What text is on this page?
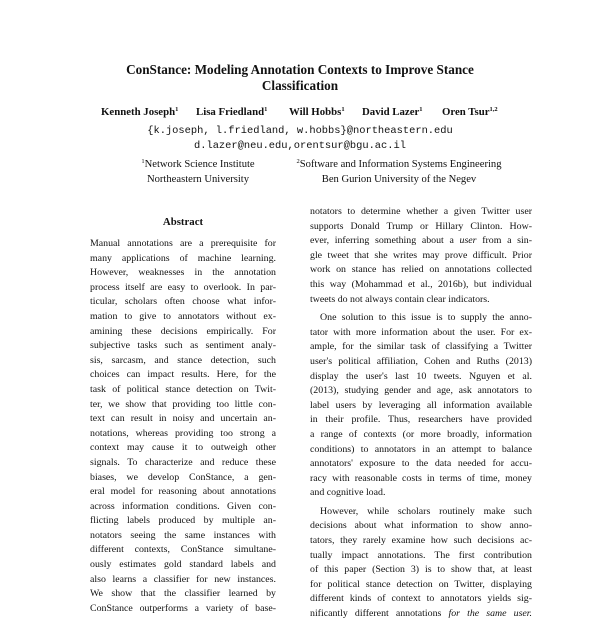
ConStance: Modeling Annotation Contexts to Improve Stance
Classification
Kenneth Joseph$^1$ Lisa Friedland$^1$ Will Hobbs$^1$ David Lazer$^1$ Oren Tsur$^{1,2}$
{k.joseph, l.friedland, w.hobbs}@northeastern.edu
d.lazer@neu.edu,orentsur@bgu.ac.il
$^1$Network Science Institute
Northeastern University
$^2$Software and Information Systems Engineering
Ben Gurion University of the Negev
Abstract
Manual annotations are a prerequisite for
many applications of machine learning.
However, weaknesses in the annotation
process itself are easy to overlook. In par-
ticular, scholars often choose what infor-
mation to give to annotators without ex-
amining these decisions empirically. For
subjective tasks such as sentiment analy-
sis, sarcasm, and stance detection, such
choices can impact results. Here, for the
task of political stance detection on Twit-
ter, we show that providing too little con-
text can result in noisy and uncertain an-
notations, whereas providing too strong a
context may cause it to outweigh other
signals. To characterize and reduce these
biases, we develop ConStance, a gen-
eral model for reasoning about annotations
across information conditions. Given con-
flicting labels produced by multiple an-
notators seeing the same instances with
different contexts, ConStance simultane-
ously estimates gold standard labels and
also learns a classifier for new instances.
We show that the classifier learned by
ConStance outperforms a variety of base-
notators to determine whether a given Twitter user
supports Donald Trump or Hillary Clinton. How-
ever, inferring something about a user from a sin-
gle tweet that she writes may prove difficult. Prior
work on stance has relied on annotations collected
this way (Mohammad et al., 2016b), but individual
tweets do not always contain clear indicators.
One solution to this issue is to supply the anno-
tator with more information about the user. For ex-
ample, for the similar task of classifying a Twitter
user's political affiliation, Cohen and Ruths (2013)
display the user's last 10 tweets. Nguyen et al.
(2013), studying gender and age, ask annotators to
label users by leveraging all information available
in their profile. Thus, researchers have provided
a range of contexts (or more broadly, information
conditions) to annotators in an attempt to balance
annotators' exposure to the data needed for accu-
racy with reasonable costs in terms of time, money
and cognitive load.
However, while scholars routinely make such
decisions about what information to show anno-
tators, they rarely examine how such decisions ac-
tually impact annotations. The first contribution
of this paper (Section 3) is to show that, at least
for political stance detection on Twitter, displaying
different kinds of context to annotators yields sig-
nificantly different annotations for the same user.
